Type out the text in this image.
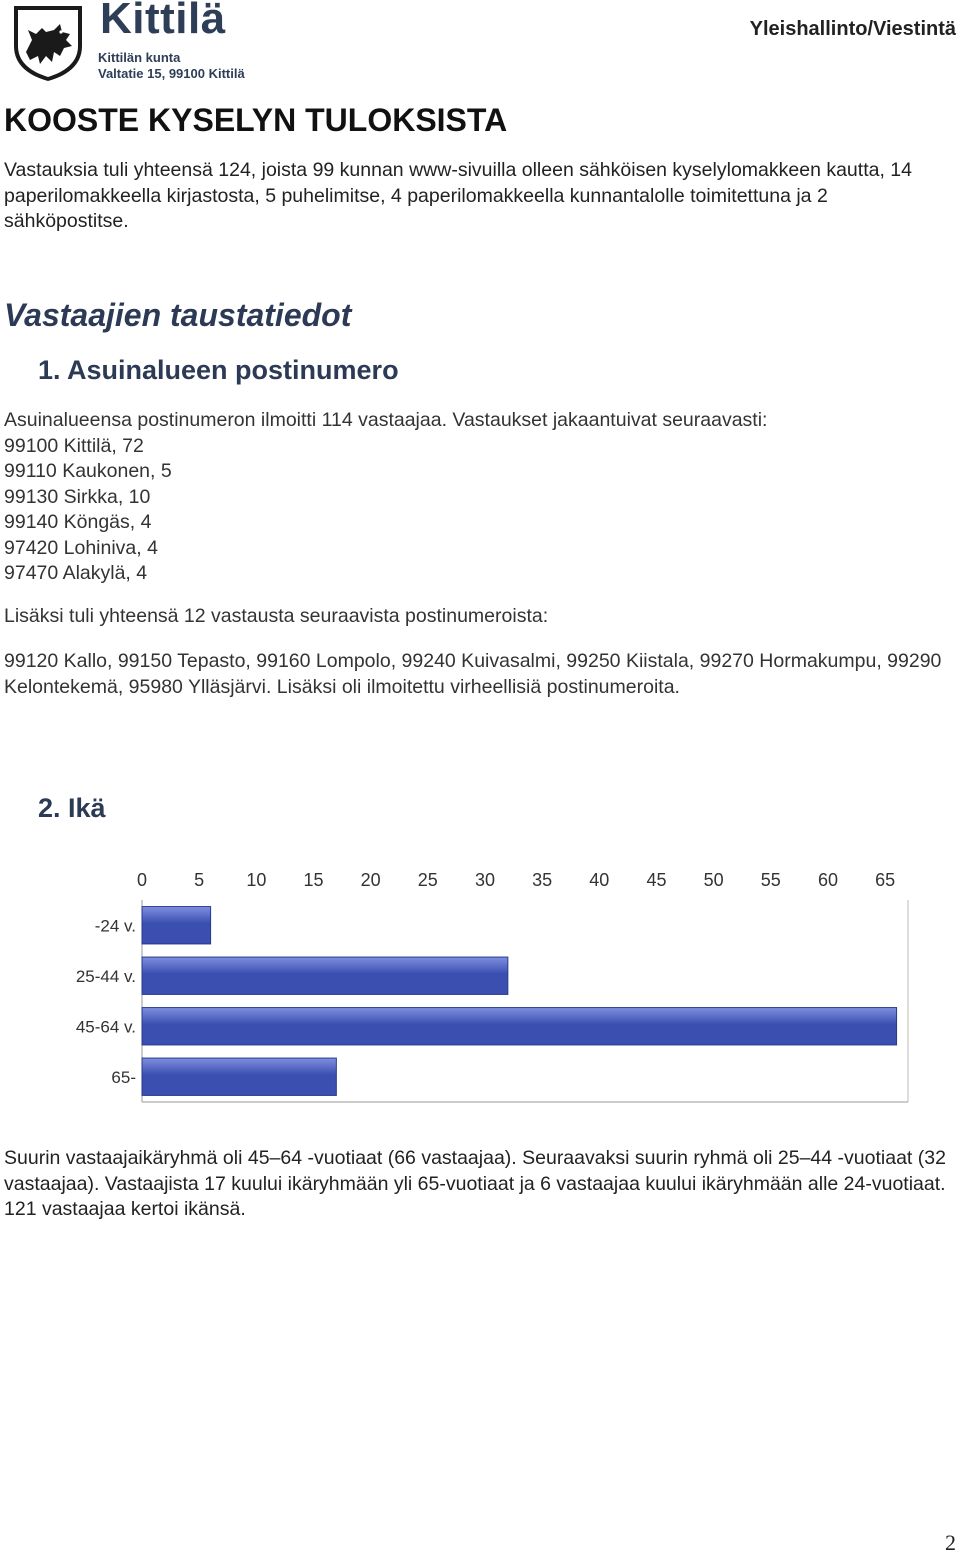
Kittilä
Kittilän kunta
Valtatie 15, 99100 Kittilä
Yleishallinto/Viestintä
KOOSTE KYSELYN TULOKSISTA

Vastauksia tuli yhteensä 124, joista 99 kunnan www-sivuilla olleen sähköisen kyselylomakkeen kautta, 14 paperilomakkeella kirjastosta, 5 puhelimitse, 4 paperilomakkeella kunnantalolle toimitettuna ja 2 sähköpostitse.

Vastaajien taustatiedot
1. Asuinalueen postinumero
Asuinalueensa postinumeron ilmoitti 114 vastaajaa. Vastaukset jakaantuivat seuraavasti:
99100 Kittilä, 72
99110 Kaukonen, 5
99130 Sirkka, 10
99140 Köngäs, 4
97420 Lohiniva, 4
97470 Alakylä, 4

Lisäksi tuli yhteensä 12 vastausta seuraavista postinumeroista:

99120 Kallo, 99150 Tepasto, 99160 Lompolo, 99240 Kuivasalmi, 99250 Kiistala, 99270 Hormakumpu, 99290 Kelontekemä, 95980 Ylläsjärvi. Lisäksi oli ilmoitettu virheellisiä postinumeroita.

2. Ikä
0	5 10 15 20 25 30 35 40 45 50 55 60 65
-24 v.
25-44 v.
45-64 v.
65-

Suurin vastaajaikäryhmä oli 45–64 -vuotiaat (66 vastaajaa). Seuraavaksi suurin ryhmä oli 25–44 -vuotiaat (32 vastaajaa). Vastaajista 17 kuului ikäryhmään yli 65-vuotiaat ja 6 vastaajaa kuului ikäryhmään alle 24-vuotiaat. 121 vastaajaa kertoi ikänsä.

2
